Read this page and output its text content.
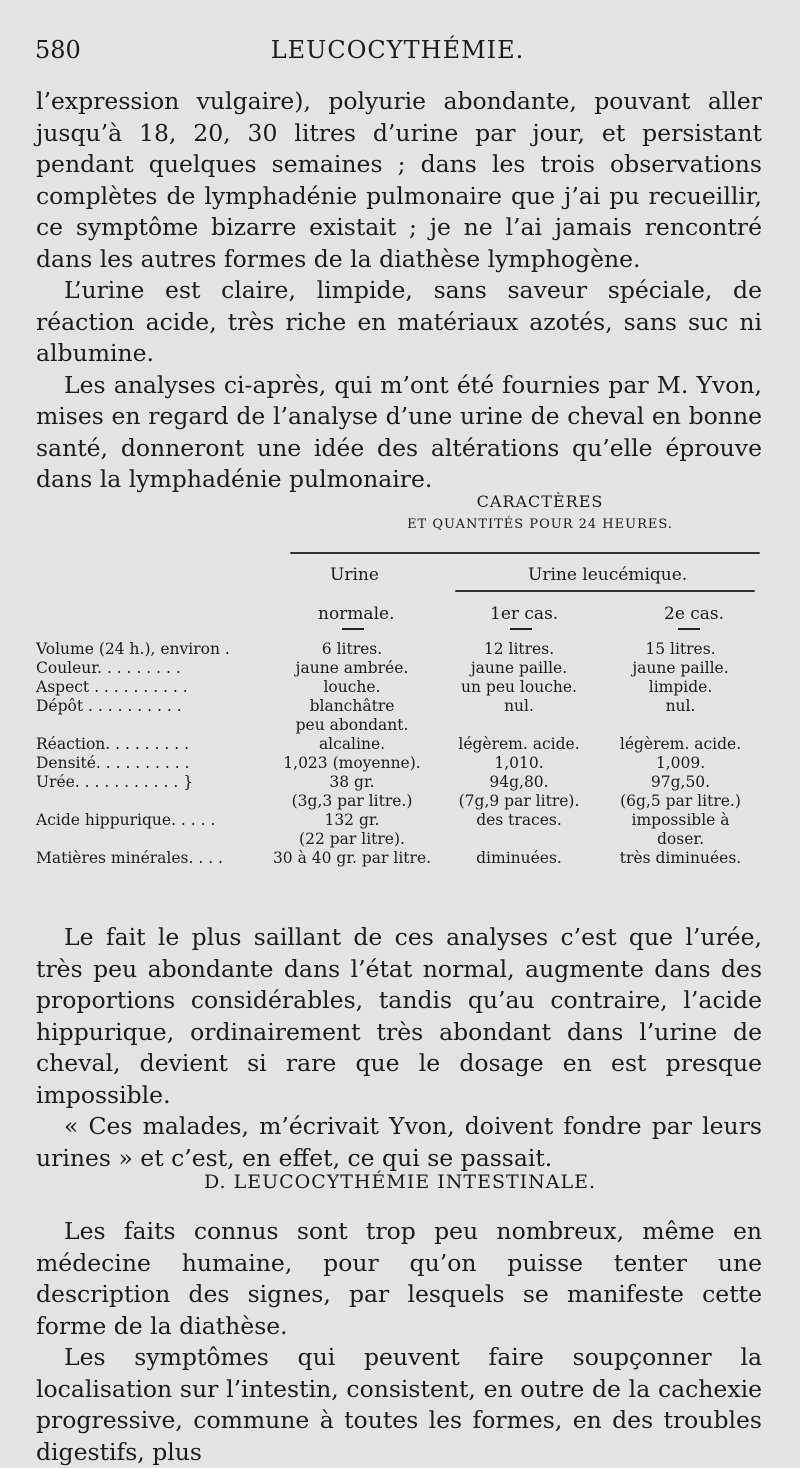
580	LEUCOCYTHÉMIE.

l’expression vulgaire), polyurie abondante, pouvant aller jusqu’à 18, 20, 30 litres d’urine par jour, et persistant pendant quelques semaines ; dans les trois observations complètes de lymphadénie pulmonaire que j’ai pu recueillir, ce symptôme bizarre existait ; je ne l’ai jamais rencontré dans les autres formes de la diathèse lymphogène.

L’urine est claire, limpide, sans saveur spéciale, de réaction acide, très riche en matériaux azotés, sans suc ni albumine.

Les analyses ci-après, qui m’ont été fournies par M. Yvon, mises en regard de l’analyse d’une urine de cheval en bonne santé, donneront une idée des altérations qu’elle éprouve dans la lymphadénie pulmonaire.

CARACTÈRES
ET QUANTITÉS POUR 24 HEURES.
Urine	Urine leucémique.
normale.	1er cas.	2e cas.
Volume (24 h.), environ .	6 litres.	12 litres.	15 litres.
Couleur. . . . . . . . .	jaune ambrée.	jaune paille.	jaune paille.
Aspect . . . . . . . . . .	louche.	un peu louche.	limpide.
Dépôt . . . . . . . . . .	blanchâtre	nul.	nul.
	peu abondant.		
Réaction. . . . . . . . .	alcaline.	légèrem. acide.	légèrem. acide.
Densité. . . . . . . . . .	1,023 (moyenne).	1,010.	1,009.
Urée. . . . . . . . . . . }	38 gr.	94g,80.	97g,50.
	(3g,3 par litre.)	(7g,9 par litre).	(6g,5 par litre.)
Acide hippurique. . . . .	132 gr.	des traces.	impossible à
	(22 par litre).		doser.
Matières minérales. . . .	30 à 40 gr. par litre.	diminuées.	très diminuées.

Le fait le plus saillant de ces analyses c’est que l’urée, très peu abondante dans l’état normal, augmente dans des proportions considérables, tandis qu’au contraire, l’acide hippurique, ordinairement très abondant dans l’urine de cheval, devient si rare que le dosage en est presque impossible.

« Ces malades, m’écrivait Yvon, doivent fondre par leurs urines » et c’est, en effet, ce qui se passait.

D. LEUCOCYTHÉMIE INTESTINALE.

Les faits connus sont trop peu nombreux, même en médecine humaine, pour qu’on puisse tenter une description des signes, par lesquels se manifeste cette forme de la diathèse.

Les symptômes qui peuvent faire soupçonner la localisation sur l’intestin, consistent, en outre de la cachexie progressive, commune à toutes les formes, en des troubles digestifs, plus
